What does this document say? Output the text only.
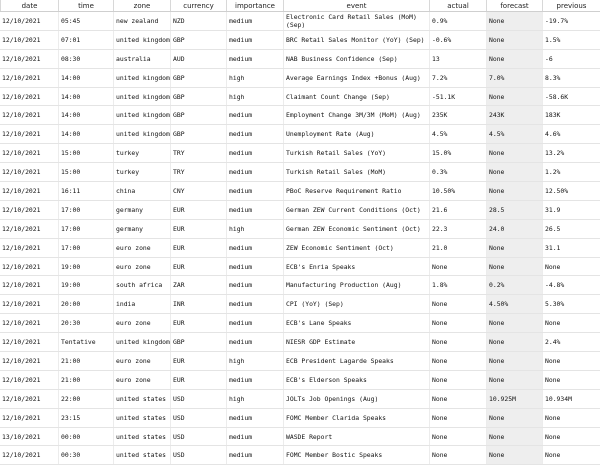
date	time	zone	currency	importance	event	actual	forecast	previous
12/10/2021	05:45	new zealand	NZD	medium	Electronic Card Retail Sales (MoM) (Sep)	0.9%	None	-19.7%
12/10/2021	07:01	united kingdom GBP	medium	BRC Retail Sales Monitor (YoY) (Sep)	-0.6%	None	1.5%
12/10/2021	08:30	australia	AUD	medium	NAB Business Confidence (Sep)	13	None	-6
12/10/2021	14:00	united kingdom GBP	high	Average Earnings Index +Bonus (Aug)	7.2%	7.0%	8.3%
12/10/2021	14:00	united kingdom GBP	high	Claimant Count Change (Sep)	-51.1K	None	-58.6K
12/10/2021	14:00	united kingdom GBP	medium	Employment Change 3M/3M (MoM) (Aug)	235K	243K	183K
12/10/2021	14:00	united kingdom GBP	medium	Unemployment Rate (Aug)	4.5%	4.5%	4.6%
12/10/2021	15:00	turkey	TRY	medium	Turkish Retail Sales (YoY)	15.0%	None	13.2%
12/10/2021	15:00	turkey	TRY	medium	Turkish Retail Sales (MoM)	0.3%	None	1.2%
12/10/2021	16:11	china	CNY	medium	PBoC Reserve Requirement Ratio	10.50%	None	12.50%
12/10/2021	17:00	germany	EUR	medium	German ZEW Current Conditions (Oct)	21.6	28.5	31.9
12/10/2021	17:00	germany	EUR	high	German ZEW Economic Sentiment (Oct)	22.3	24.0	26.5
12/10/2021	17:00	euro zone	EUR	medium	ZEW Economic Sentiment (Oct)	21.0	None	31.1
12/10/2021	19:00	euro zone	EUR	medium	ECB's Enria Speaks	None	None	None
12/10/2021	19:00	south africa	ZAR	medium	Manufacturing Production (Aug)	1.8%	0.2%	-4.8%
12/10/2021	20:00	india	INR	medium	CPI (YoY) (Sep)	None	4.50%	5.30%
12/10/2021	20:30	euro zone	EUR	medium	ECB's Lane Speaks	None	None	None
12/10/2021	Tentative	united kingdom GBP	medium	NIESR GDP Estimate	None	None	2.4%
12/10/2021	21:00	euro zone	EUR	high	ECB President Lagarde Speaks	None	None	None
12/10/2021	21:00	euro zone	EUR	medium	ECB's Elderson Speaks	None	None	None
12/10/2021	22:00	united states	USD	high	JOLTs Job Openings (Aug)	None	10.925M	10.934M
12/10/2021	23:15	united states	USD	medium	FOMC Member Clarida Speaks	None	None	None
13/10/2021	00:00	united states	USD	medium	WASDE Report	None	None	None
12/10/2021	00:30	united states	USD	medium	FOMC Member Bostic Speaks	None	None	None
